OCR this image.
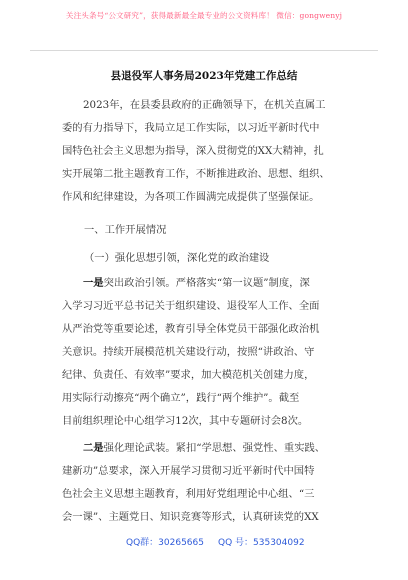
关注头条号“公文研究”，获得最新最全最专业的公文资料库！ 微信：gongwenyj
县退役军人事务局2023年党建工作总结
2023年，在县委县政府的正确领导下，在机关直属工
委的有力指导下，我局立足工作实际，以习近平新时代中
国特色社会主义思想为指导，深入贯彻党的XX大精神，扎
实开展第二批主题教育工作，不断推进政治、思想、组织、
作风和纪律建设，为各项工作圆满完成提供了坚强保证。
一、工作开展情况
（一）强化思想引领，深化党的政治建设
一是突出政治引领。严格落实“第一议题”制度，深
入学习习近平总书记关于组织建设、退役军人工作、全面
从严治党等重要论述，教育引导全体党员干部强化政治机
关意识。持续开展模范机关建设行动，按照“讲政治、守
纪律、负责任、有效率”要求，加大模范机关创建力度，
用实际行动擦亮“两个确立”，践行“两个维护”。截至
目前组织理论中心组学习12次，其中专题研讨会8次。
二是强化理论武装。紧扣“学思想、强党性、重实践、
建新功”总要求，深入开展学习贯彻习近平新时代中国特
色社会主义思想主题教育，利用好党组理论中心组、“三
会一课”、主题党日、知识竞赛等形式，认真研读党的XX
QQ群：30265665 QQ 号：535304092
